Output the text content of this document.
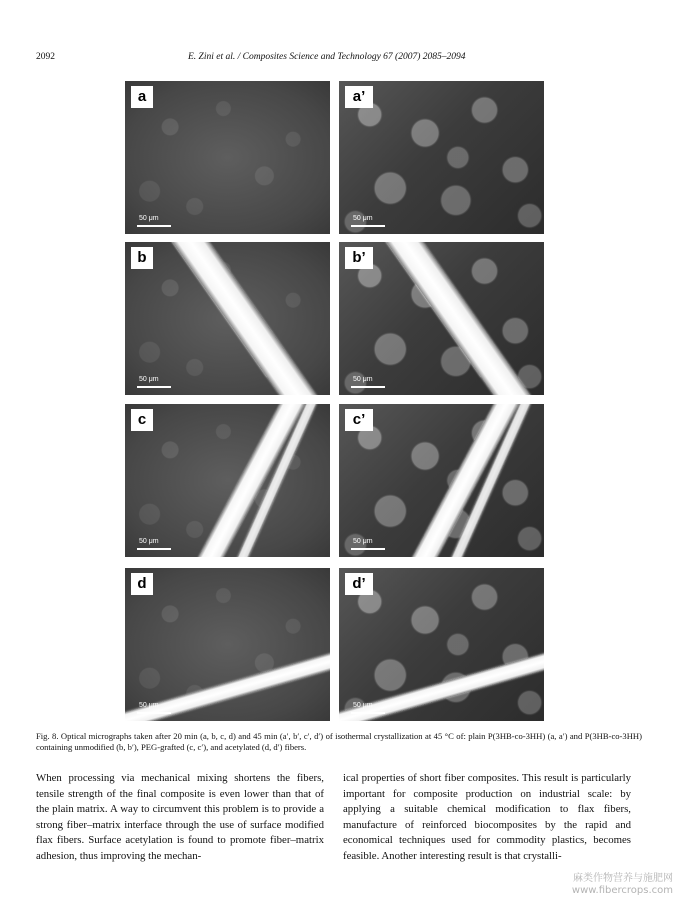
2092	E. Zini et al. / Composites Science and Technology 67 (2007) 2085–2094
a
50 μm
a’
50 μm
b
50 μm
b’
50 μm
c
50 μm
c’
50 μm
d
50 μm
d’
50 μm
Fig. 8. Optical micrographs taken after 20 min (a, b, c, d) and 45 min (a′, b′, c′, d′) of isothermal crystallization at 45 °C of: plain P(3HB-co-3HH) (a, a′) and P(3HB-co-3HH) containing unmodified (b, b′), PEG-grafted (c, c′), and acetylated (d, d′) fibers.
When processing via mechanical mixing shortens the fibers, tensile strength of the final composite is even lower than that of the plain matrix. A way to circumvent this problem is to provide a strong fiber–matrix interface through the use of surface modified flax fibers. Surface acetylation is found to promote fiber–matrix adhesion, thus improving the mechan-
ical properties of short fiber composites. This result is particularly important for composite production on industrial scale: by applying a suitable chemical modification to flax fibers, manufacture of reinforced biocomposites by the rapid and economical techniques used for commodity plastics, becomes feasible. Another interesting result is that crystalli-
麻类作物营养与施肥网
www.fibercrops.com
